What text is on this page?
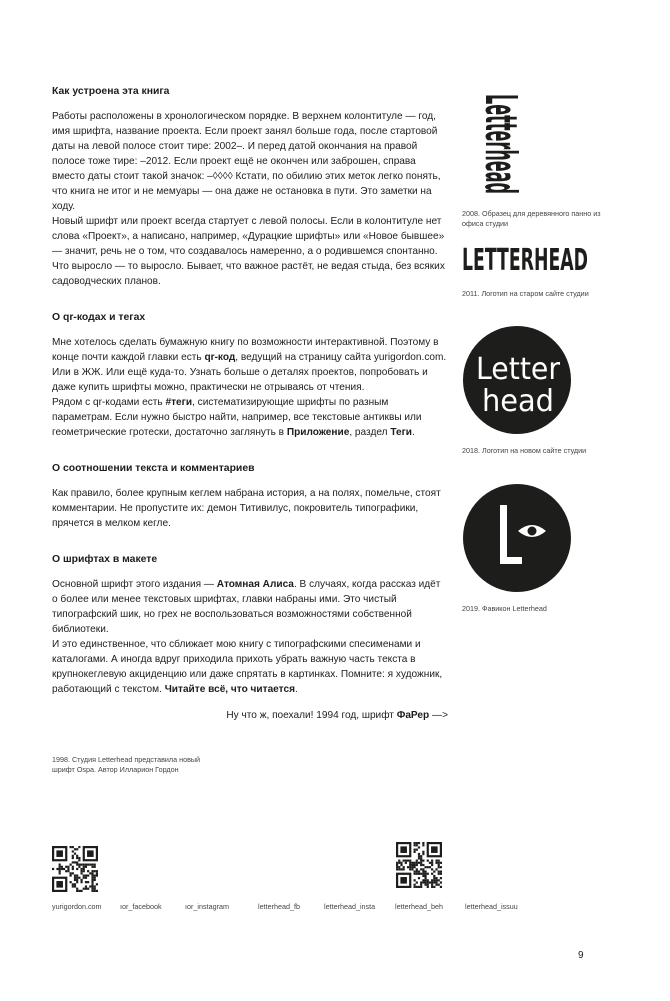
Как устроена эта книга

Работы расположены в хронологическом порядке. В верхнем колонтитуле — год, имя шрифта, название проекта. Если проект занял больше года, после стартовой даты на левой полосе стоит тире: 2002–. И перед датой окончания на правой полосе тоже тире: –2012. Если проект ещё не окончен или заброшен, справа вместо даты стоит такой значок: –◊◊◊◊ Кстати, по обилию этих меток легко понять, что книга не итог и не мемуары — она даже не остановка в пути. Это заметки на ходу.

Новый шрифт или проект всегда стартует с левой полосы. Если в колонтитуле нет слова «Проект», а написано, например, «Дурацкие шрифты» или «Новое бывшее» — значит, речь не о том, что создавалось намеренно, а о родившемся спонтанно. Что выросло — то выросло. Бывает, что важное растёт, не ведая стыда, без всяких садоводческих планов.

О qr-кодах и тегах

Мне хотелось сделать бумажную книгу по возможности интерактивной. Поэтому в конце почти каждой главки есть qr-код, ведущий на страницу сайта yurigordon.com. Или в ЖЖ. Или ещё куда-то. Узнать больше о деталях проектов, попробовать и даже купить шрифты можно, практически не отрываясь от чтения.

Рядом с qr-кодами есть #теги, систематизирующие шрифты по разным параметрам. Если нужно быстро найти, например, все текстовые антиквы или геометрические гротески, достаточно заглянуть в Приложение, раздел Теги.

О соотношении текста и комментариев

Как правило, более крупным кеглем набрана история, а на полях, помельче, стоят комментарии. Не пропустите их: демон Титивилус, покровитель типографики, прячется в мелком кегле.

О шрифтах в макете

Основной шрифт этого издания — Атомная Алиса. В случаях, когда рассказ идёт о более или менее текстовых шрифтах, главки набраны ими. Это чистый типографский шик, но грех не воспользоваться возможностями собственной библиотеки.

И это единственное, что сближает мою книгу с типографскими спесименами и каталогами. А иногда вдруг приходила прихоть убрать важную часть текста в крупнокеглевую акциденцию или даже спрятать в картинках. Помните: я художник, работающий с текстом. Читайте всё, что читается.

Ну что ж, поехали! 1994 год, шрифт ФаРер —>

2008. Образец для деревянного панно из офиса студии
LETTERHEAD
2011. Логотип на старом сайте студии
Letter
head
2018. Логотип на новом сайте студии
2019. Фавикон Letterhead
1998. Студия Letterhead представила новый шрифт Ospa. Автор Илларион Гордон
yurigordon.com	ıor_facebook	ıor_instagram	letterhead_fb	letterhead_insta	letterhead_beh	letterhead_issuu
9
